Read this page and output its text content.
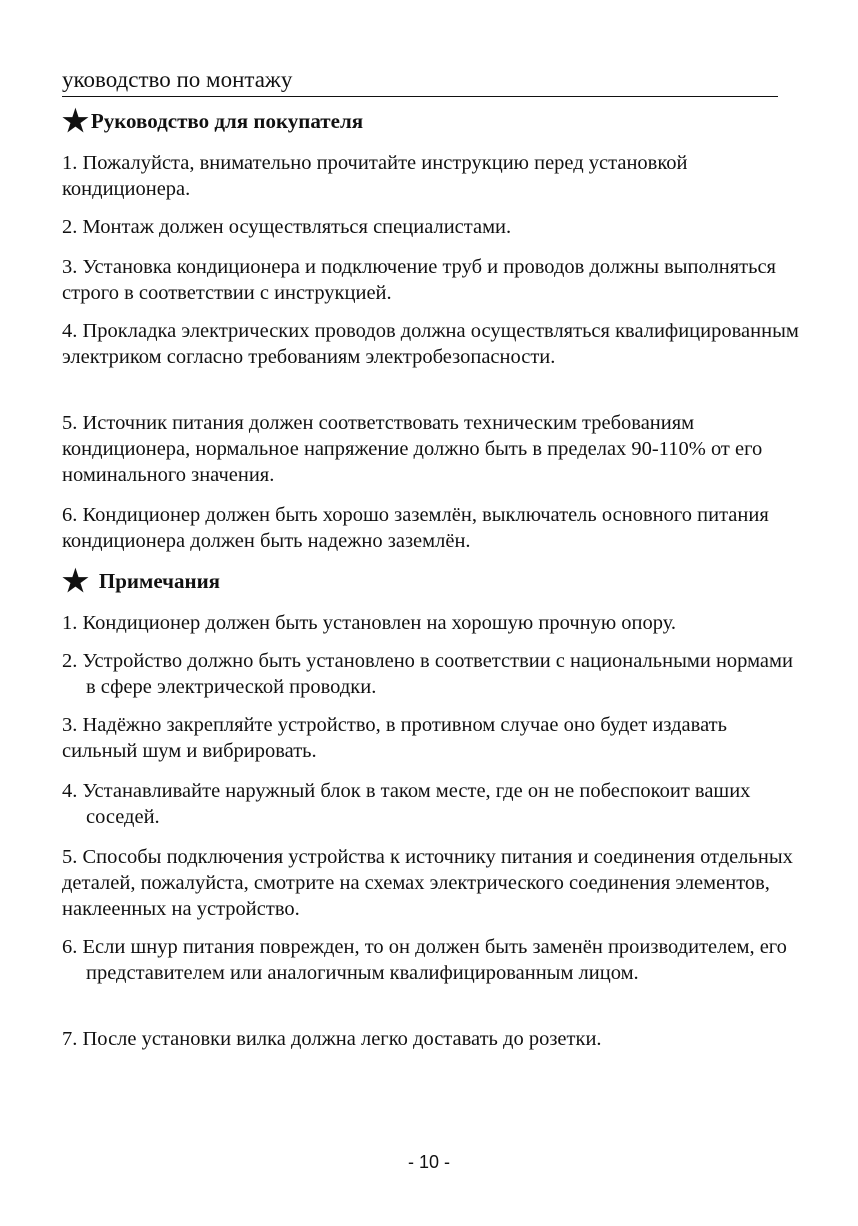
уководство по монтажу
★Руководство для покупателя
1. Пожалуйста, внимательно прочитайте инструкцию перед установкой кондиционера.
2. Монтаж должен осуществляться специалистами.
3. Установка кондиционера и подключение труб и проводов должны выполняться строго в соответствии с инструкцией.
4. Прокладка электрических проводов должна осуществляться квалифицированным электриком согласно требованиям электробезопасности.
5. Источник питания должен соответствовать техническим требованиям кондиционера, нормальное напряжение должно быть в пределах 90-110% от его номинального значения.
6. Кондиционер должен быть хорошо заземлён, выключатель основного питания кондиционера должен быть надежно заземлён.
★ Примечания
1. Кондиционер должен быть установлен на хорошую прочную опору.
2. Устройство должно быть установлено в соответствии с национальными нормами в сфере электрической проводки.
3. Надёжно закрепляйте устройство, в противном случае оно будет издавать сильный шум и вибрировать.
4. Устанавливайте наружный блок в таком месте, где он не побеспокоит ваших соседей.
5. Способы подключения устройства к источнику питания и соединения отдельных деталей, пожалуйста, смотрите на схемах электрического соединения элементов, наклеенных на устройство.
6. Если шнур питания поврежден, то он должен быть заменён производителем, его представителем или аналогичным квалифицированным лицом.
7. После установки вилка должна легко доставать до розетки.
- 10 -
